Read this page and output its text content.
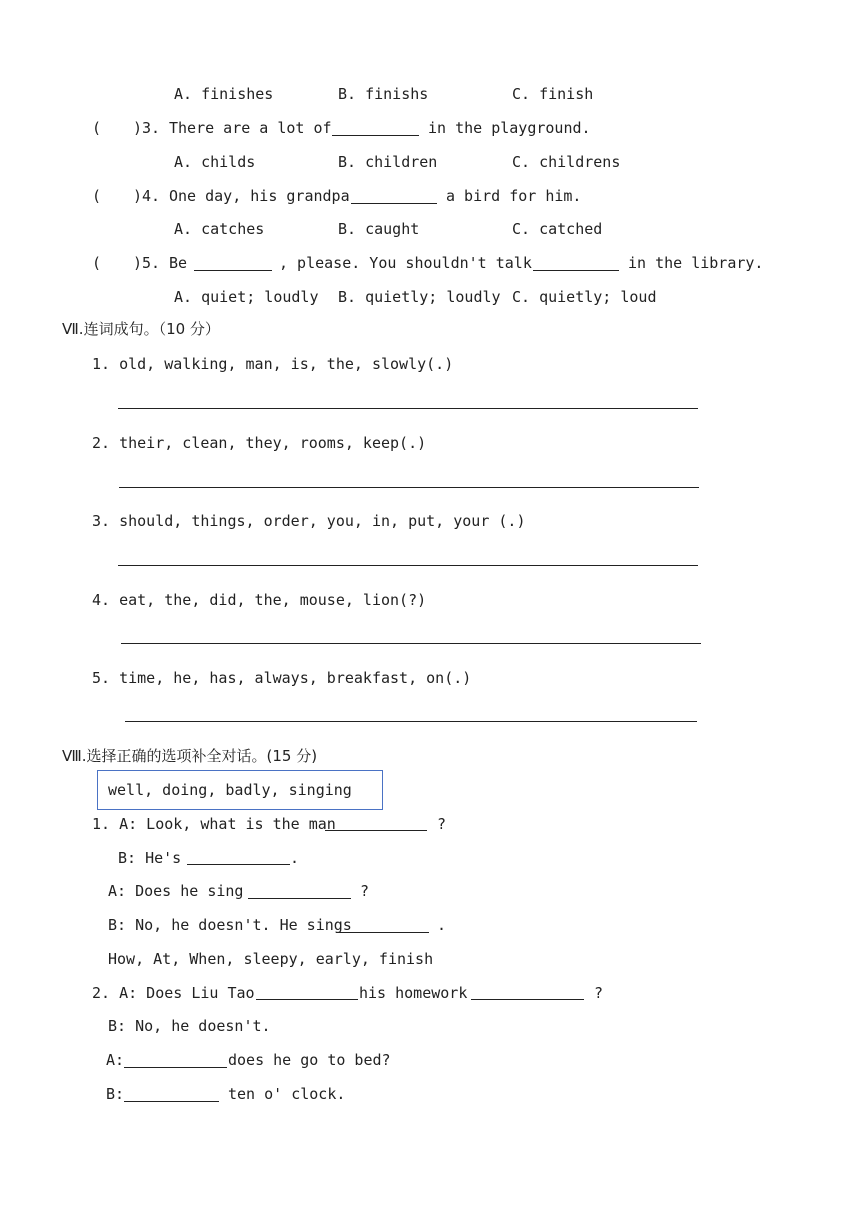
A. finishes	B. finishs	C. finish
( )3. There are a lot of	in the playground.
A. childs	B. children	C. childrens
( )4. One day, his grandpa	a bird for him.
A. catches	B. caught	C. catched
( )5. Be	, please. You shouldn't talk	in the library.
A. quiet; loudly B. quietly; loudly C. quietly; loud
Ⅶ.连词成句。（10 分）
1. old, walking, man, is, the, slowly(.)
2. their, clean, they, rooms, keep(.)
3. should, things, order, you, in, put, your (.)
4. eat, the, did, the, mouse, lion(?)
5. time, he, has, always, breakfast, on(.)
Ⅷ.选择正确的选项补全对话。(15 分)
well, doing, badly, singing
1. A: Look, what is the man	?
B: He's	.
A: Does he sing	?
B: No, he doesn't. He sings	.
How, At, When, sleepy, early, finish
2. A: Does Liu Tao	his homework	?
B: No, he doesn't.
A:	does he go to bed?
B:	ten o' clock.
